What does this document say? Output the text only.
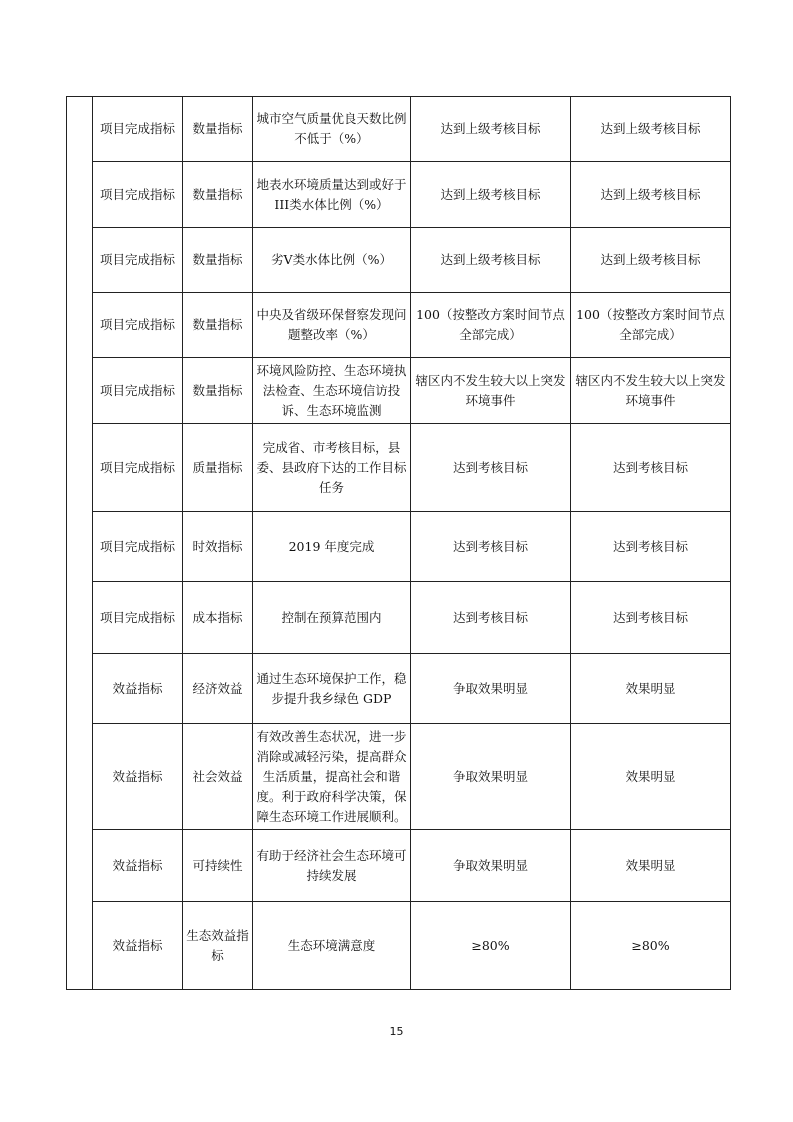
	项目完成指标	数量指标	城市空气质量优良天数比例不低于（%）	达到上级考核目标	达到上级考核目标
	项目完成指标	数量指标	地表水环境质量达到或好于III类水体比例（%）	达到上级考核目标	达到上级考核目标
	项目完成指标	数量指标	劣Ⅴ类水体比例（%）	达到上级考核目标	达到上级考核目标
	项目完成指标	数量指标	中央及省级环保督察发现问题整改率（%）	100（按整改方案时间节点全部完成）	100（按整改方案时间节点全部完成）
	项目完成指标	数量指标	环境风险防控、生态环境执法检查、生态环境信访投诉、生态环境监测	辖区内不发生较大以上突发环境事件	辖区内不发生较大以上突发环境事件
	项目完成指标	质量指标	完成省、市考核目标，县委、县政府下达的工作目标任务	达到考核目标	达到考核目标
	项目完成指标	时效指标	2019 年度完成	达到考核目标	达到考核目标
	项目完成指标	成本指标	控制在预算范围内	达到考核目标	达到考核目标
	效益指标	经济效益	通过生态环境保护工作，稳步提升我乡绿色 GDP	争取效果明显	效果明显
	效益指标	社会效益	有效改善生态状况，进一步消除或减轻污染，提高群众生活质量，提高社会和谐度。利于政府科学决策，保障生态环境工作进展顺利。	争取效果明显	效果明显
	效益指标	可持续性	有助于经济社会生态环境可持续发展	争取效果明显	效果明显
	效益指标	生态效益指标	生态环境满意度	≥80%	≥80%
15
